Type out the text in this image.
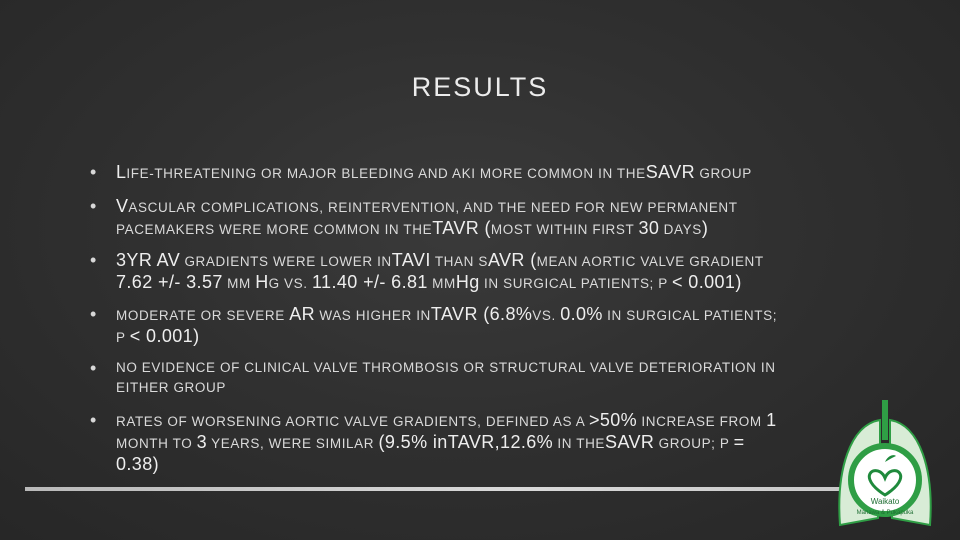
RESULTS
• LIFE-THREATENING OR MAJOR BLEEDING AND AKI MORE COMMON IN THESAVR GROUP
• VASCULAR COMPLICATIONS, REINTERVENTION, AND THE NEED FOR NEW PERMANENT
PACEMAKERS WERE MORE COMMON IN THETAVR (MOST WITHIN FIRST 30 DAYS)
• 3YR AV GRADIENTS WERE LOWER INTAVI THAN SAVR (MEAN AORTIC VALVE GRADIENT
7.62 +/- 3.57 MM HG VS. 11.40 +/- 6.81 MMHg IN SURGICAL PATIENTS; P < 0.001)
• MODERATE OR SEVERE AR WAS HIGHER INTAVR (6.8%VS. 0.0% IN SURGICAL PATIENTS;
P < 0.001)
• NO EVIDENCE OF CLINICAL VALVE THROMBOSIS OR STRUCTURAL VALVE DETERIORATION IN
EITHER GROUP
• RATES OF WORSENING AORTIC VALVE GRADIENTS, DEFINED AS A >50% INCREASE FROM 1
MONTH TO 3 YEARS, WERE SIMILAR (9.5% inTAVR,12.6% IN THESAVR GROUP; P =
0.38)
Waikato
Manawa & Pukapuka
